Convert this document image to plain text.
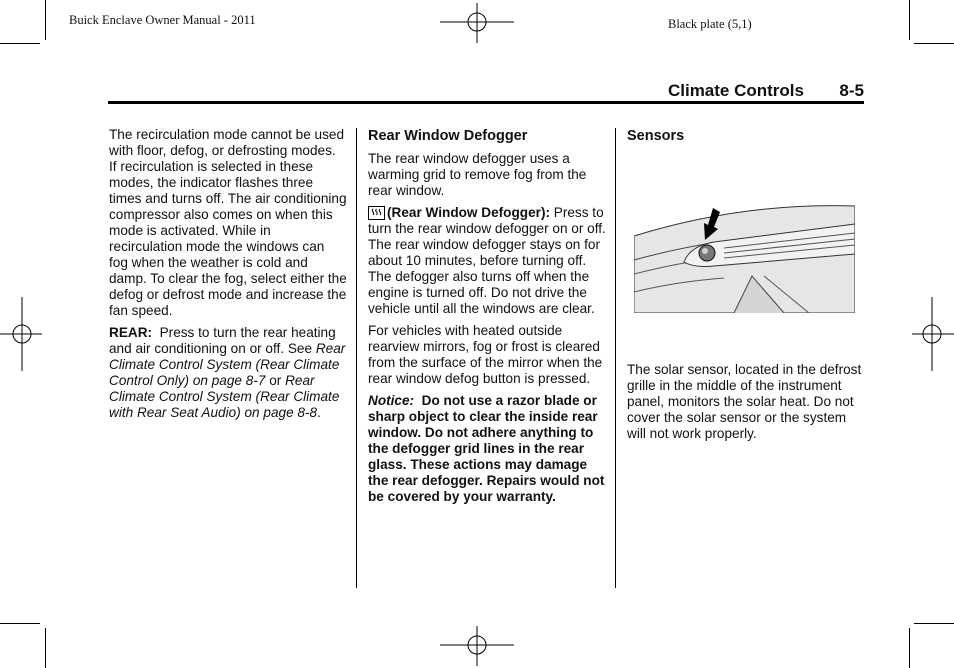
Buick Enclave Owner Manual - 2011	Black plate (5,1)
Climate Controls 8-5

The recirculation mode cannot be used with floor, defog, or defrosting modes. If recirculation is selected in these modes, the indicator flashes three times and turns off. The air conditioning compressor also comes on when this mode is activated. While in recirculation mode the windows can fog when the weather is cold and damp. To clear the fog, select either the defog or defrost mode and increase the fan speed.

REAR: Press to turn the rear heating and air conditioning on or off. See Rear Climate Control System (Rear Climate Control Only) on page 8-7 or Rear Climate Control System (Rear Climate with Rear Seat Audio) on page 8-8.

Rear Window Defogger

The rear window defogger uses a warming grid to remove fog from the rear window.

(Rear Window Defogger): Press to turn the rear window defogger on or off. The rear window defogger stays on for about 10 minutes, before turning off. The defogger also turns off when the engine is turned off. Do not drive the vehicle until all the windows are clear.

For vehicles with heated outside rearview mirrors, fog or frost is cleared from the surface of the mirror when the rear window defog button is pressed.

Notice: Do not use a razor blade or sharp object to clear the inside rear window. Do not adhere anything to the defogger grid lines in the rear glass. These actions may damage the rear defogger. Repairs would not be covered by your warranty.

Sensors

The solar sensor, located in the defrost grille in the middle of the instrument panel, monitors the solar heat. Do not cover the solar sensor or the system will not work properly.
